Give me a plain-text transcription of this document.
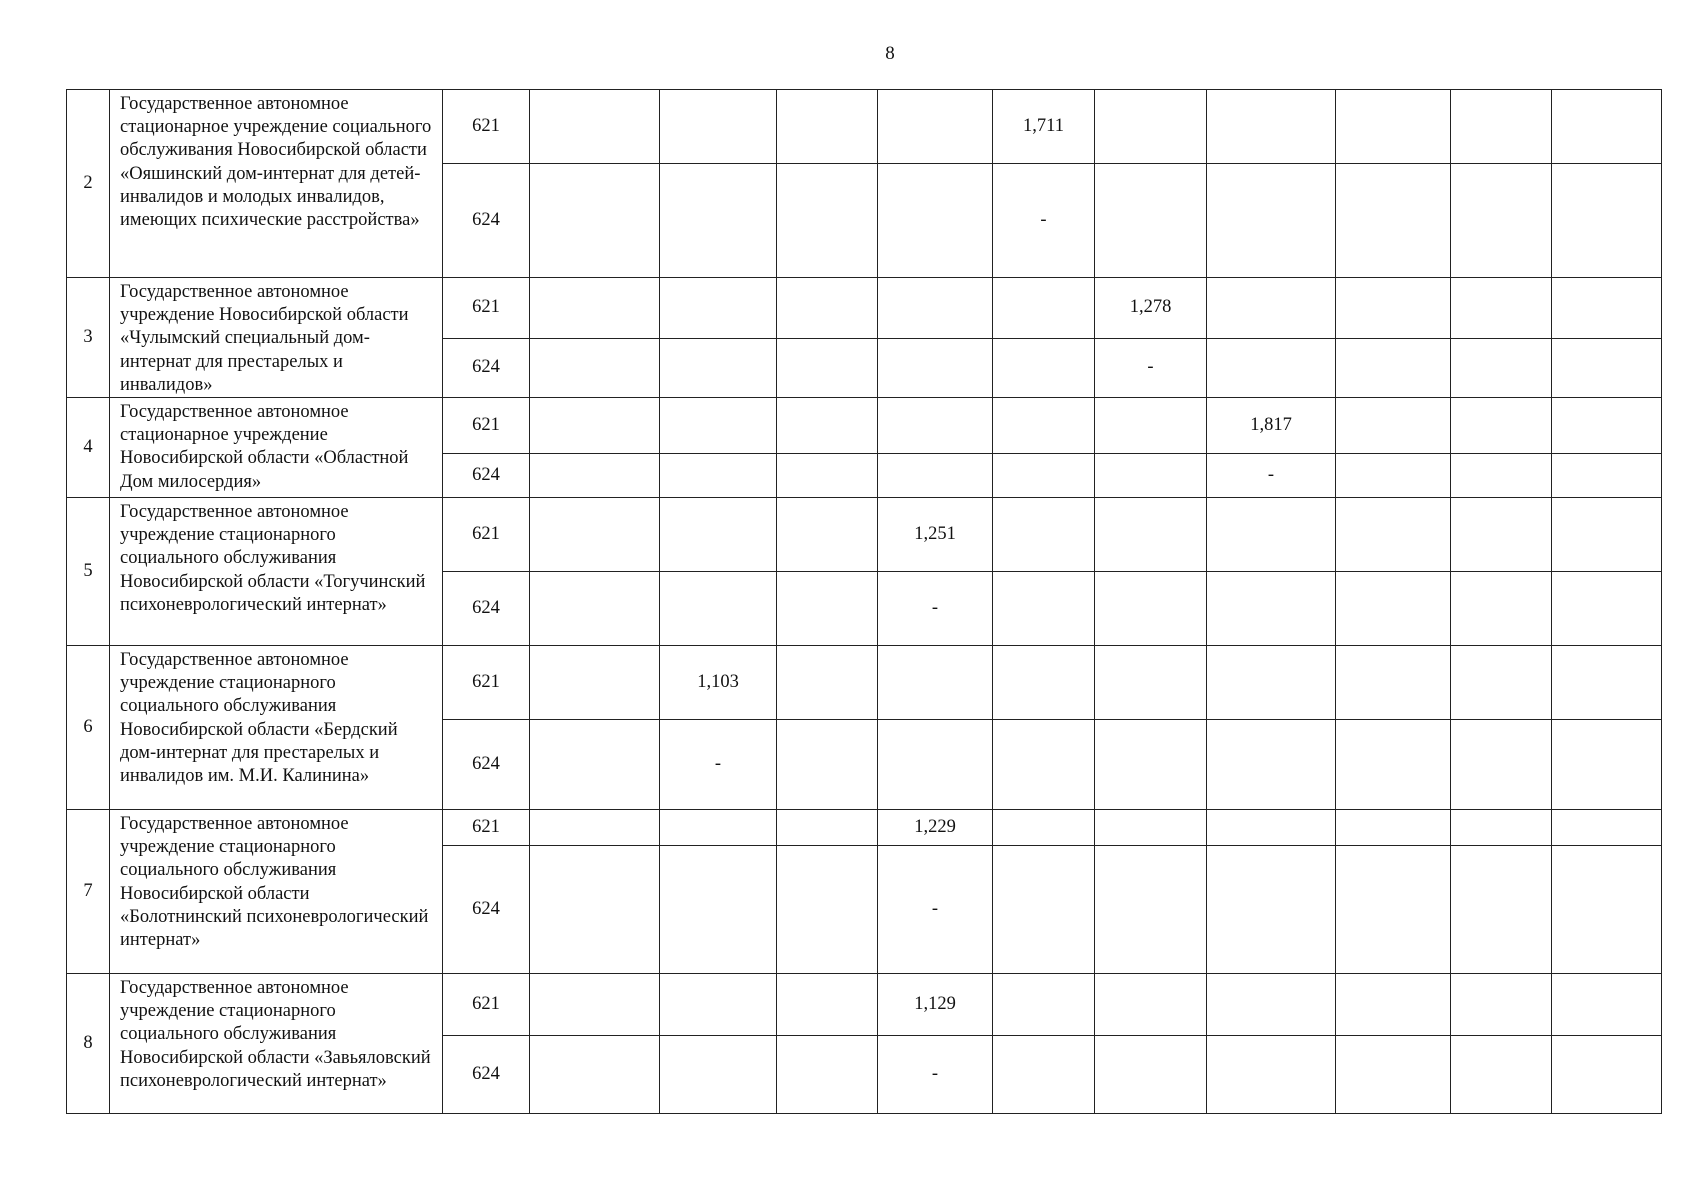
8
2	Государственное автономное стационарное учреждение социального обслуживания Новосибирской области «Ояшинский дом-интернат для детей-инвалидов и молодых инвалидов, имеющих психические расстройства»	621					1,711					
		624					-					
3	Государственное автономное учреждение Новосибирской области «Чулымский специальный дом-интернат для престарелых и инвалидов»	621						1,278				
		624						-				
4	Государственное автономное стационарное учреждение Новосибирской области «Областной Дом милосердия»	621							1,817			
		624							-			
5	Государственное автономное учреждение стационарного социального обслуживания Новосибирской области «Тогучинский психоневрологический интернат»	621				1,251						
		624				-						
6	Государственное автономное учреждение стационарного социального обслуживания Новосибирской области «Бердский дом-интернат для престарелых и инвалидов им. М.И. Калинина»	621		1,103								
		624		-								
7	Государственное автономное учреждение стационарного социального обслуживания Новосибирской области «Болотнинский психоневрологический интернат»	621				1,229						
		624				-						
8	Государственное автономное учреждение стационарного социального обслуживания Новосибирской области «Завьяловский психоневрологический интернат»	621				1,129						
		624				-						
